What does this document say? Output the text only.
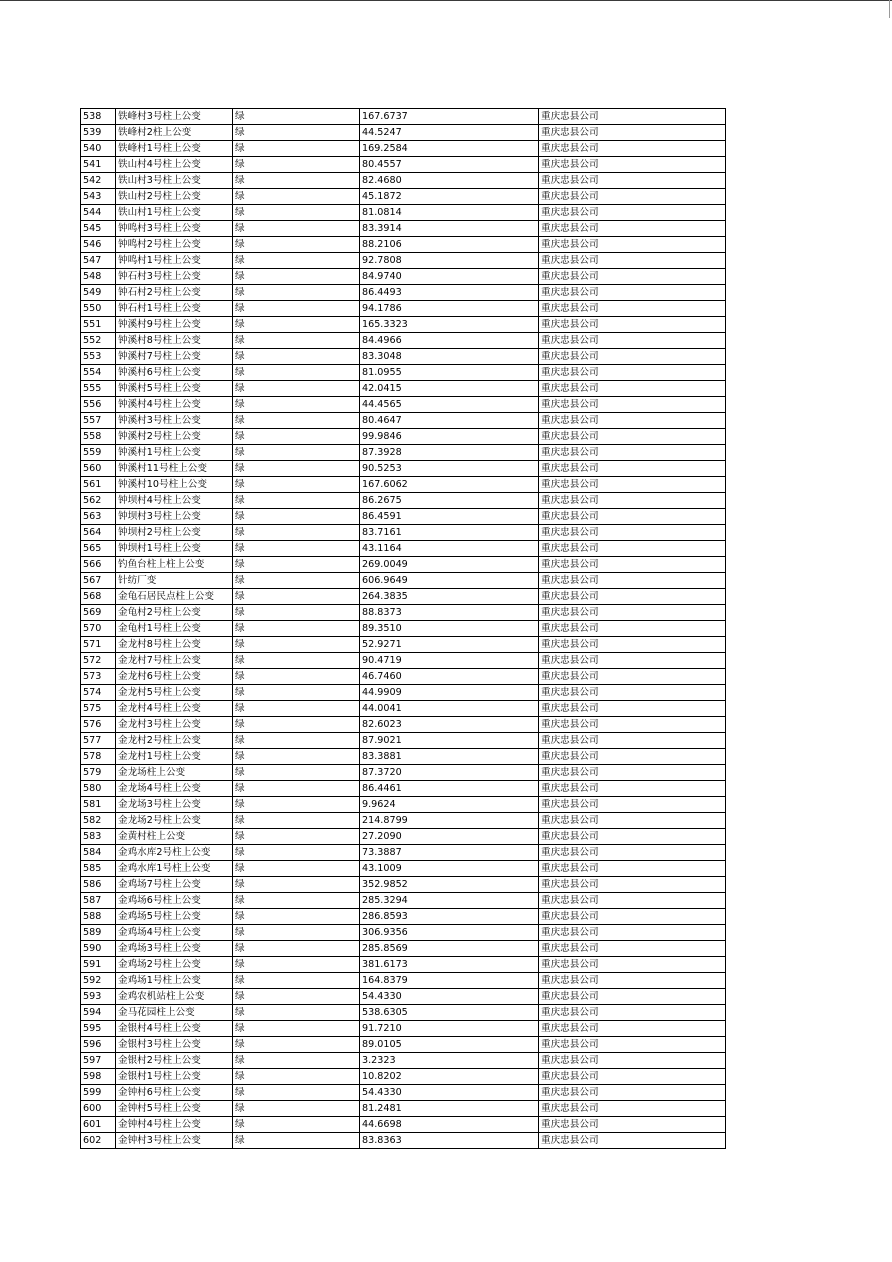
538	铁峰村3号柱上公变	绿	167.6737	重庆忠县公司
539	铁峰村2柱上公变	绿	44.5247	重庆忠县公司
540	铁峰村1号柱上公变	绿	169.2584	重庆忠县公司
541	铁山村4号柱上公变	绿	80.4557	重庆忠县公司
542	铁山村3号柱上公变	绿	82.4680	重庆忠县公司
543	铁山村2号柱上公变	绿	45.1872	重庆忠县公司
544	铁山村1号柱上公变	绿	81.0814	重庆忠县公司
545	钟鸣村3号柱上公变	绿	83.3914	重庆忠县公司
546	钟鸣村2号柱上公变	绿	88.2106	重庆忠县公司
547	钟鸣村1号柱上公变	绿	92.7808	重庆忠县公司
548	钟石村3号柱上公变	绿	84.9740	重庆忠县公司
549	钟石村2号柱上公变	绿	86.4493	重庆忠县公司
550	钟石村1号柱上公变	绿	94.1786	重庆忠县公司
551	钟溪村9号柱上公变	绿	165.3323	重庆忠县公司
552	钟溪村8号柱上公变	绿	84.4966	重庆忠县公司
553	钟溪村7号柱上公变	绿	83.3048	重庆忠县公司
554	钟溪村6号柱上公变	绿	81.0955	重庆忠县公司
555	钟溪村5号柱上公变	绿	42.0415	重庆忠县公司
556	钟溪村4号柱上公变	绿	44.4565	重庆忠县公司
557	钟溪村3号柱上公变	绿	80.4647	重庆忠县公司
558	钟溪村2号柱上公变	绿	99.9846	重庆忠县公司
559	钟溪村1号柱上公变	绿	87.3928	重庆忠县公司
560	钟溪村11号柱上公变	绿	90.5253	重庆忠县公司
561	钟溪村10号柱上公变	绿	167.6062	重庆忠县公司
562	钟坝村4号柱上公变	绿	86.2675	重庆忠县公司
563	钟坝村3号柱上公变	绿	86.4591	重庆忠县公司
564	钟坝村2号柱上公变	绿	83.7161	重庆忠县公司
565	钟坝村1号柱上公变	绿	43.1164	重庆忠县公司
566	钓鱼台柱上柱上公变	绿	269.0049	重庆忠县公司
567	针纺厂变	绿	606.9649	重庆忠县公司
568	金龟石居民点柱上公变	绿	264.3835	重庆忠县公司
569	金龟村2号柱上公变	绿	88.8373	重庆忠县公司
570	金龟村1号柱上公变	绿	89.3510	重庆忠县公司
571	金龙村8号柱上公变	绿	52.9271	重庆忠县公司
572	金龙村7号柱上公变	绿	90.4719	重庆忠县公司
573	金龙村6号柱上公变	绿	46.7460	重庆忠县公司
574	金龙村5号柱上公变	绿	44.9909	重庆忠县公司
575	金龙村4号柱上公变	绿	44.0041	重庆忠县公司
576	金龙村3号柱上公变	绿	82.6023	重庆忠县公司
577	金龙村2号柱上公变	绿	87.9021	重庆忠县公司
578	金龙村1号柱上公变	绿	83.3881	重庆忠县公司
579	金龙场柱上公变	绿	87.3720	重庆忠县公司
580	金龙场4号柱上公变	绿	86.4461	重庆忠县公司
581	金龙场3号柱上公变	绿	9.9624	重庆忠县公司
582	金龙场2号柱上公变	绿	214.8799	重庆忠县公司
583	金黄村柱上公变	绿	27.2090	重庆忠县公司
584	金鸡水库2号柱上公变	绿	73.3887	重庆忠县公司
585	金鸡水库1号柱上公变	绿	43.1009	重庆忠县公司
586	金鸡场7号柱上公变	绿	352.9852	重庆忠县公司
587	金鸡场6号柱上公变	绿	285.3294	重庆忠县公司
588	金鸡场5号柱上公变	绿	286.8593	重庆忠县公司
589	金鸡场4号柱上公变	绿	306.9356	重庆忠县公司
590	金鸡场3号柱上公变	绿	285.8569	重庆忠县公司
591	金鸡场2号柱上公变	绿	381.6173	重庆忠县公司
592	金鸡场1号柱上公变	绿	164.8379	重庆忠县公司
593	金鸡农机站柱上公变	绿	54.4330	重庆忠县公司
594	金马花园柱上公变	绿	538.6305	重庆忠县公司
595	金银村4号柱上公变	绿	91.7210	重庆忠县公司
596	金银村3号柱上公变	绿	89.0105	重庆忠县公司
597	金银村2号柱上公变	绿	3.2323	重庆忠县公司
598	金银村1号柱上公变	绿	10.8202	重庆忠县公司
599	金钟村6号柱上公变	绿	54.4330	重庆忠县公司
600	金钟村5号柱上公变	绿	81.2481	重庆忠县公司
601	金钟村4号柱上公变	绿	44.6698	重庆忠县公司
602	金钟村3号柱上公变	绿	83.8363	重庆忠县公司
